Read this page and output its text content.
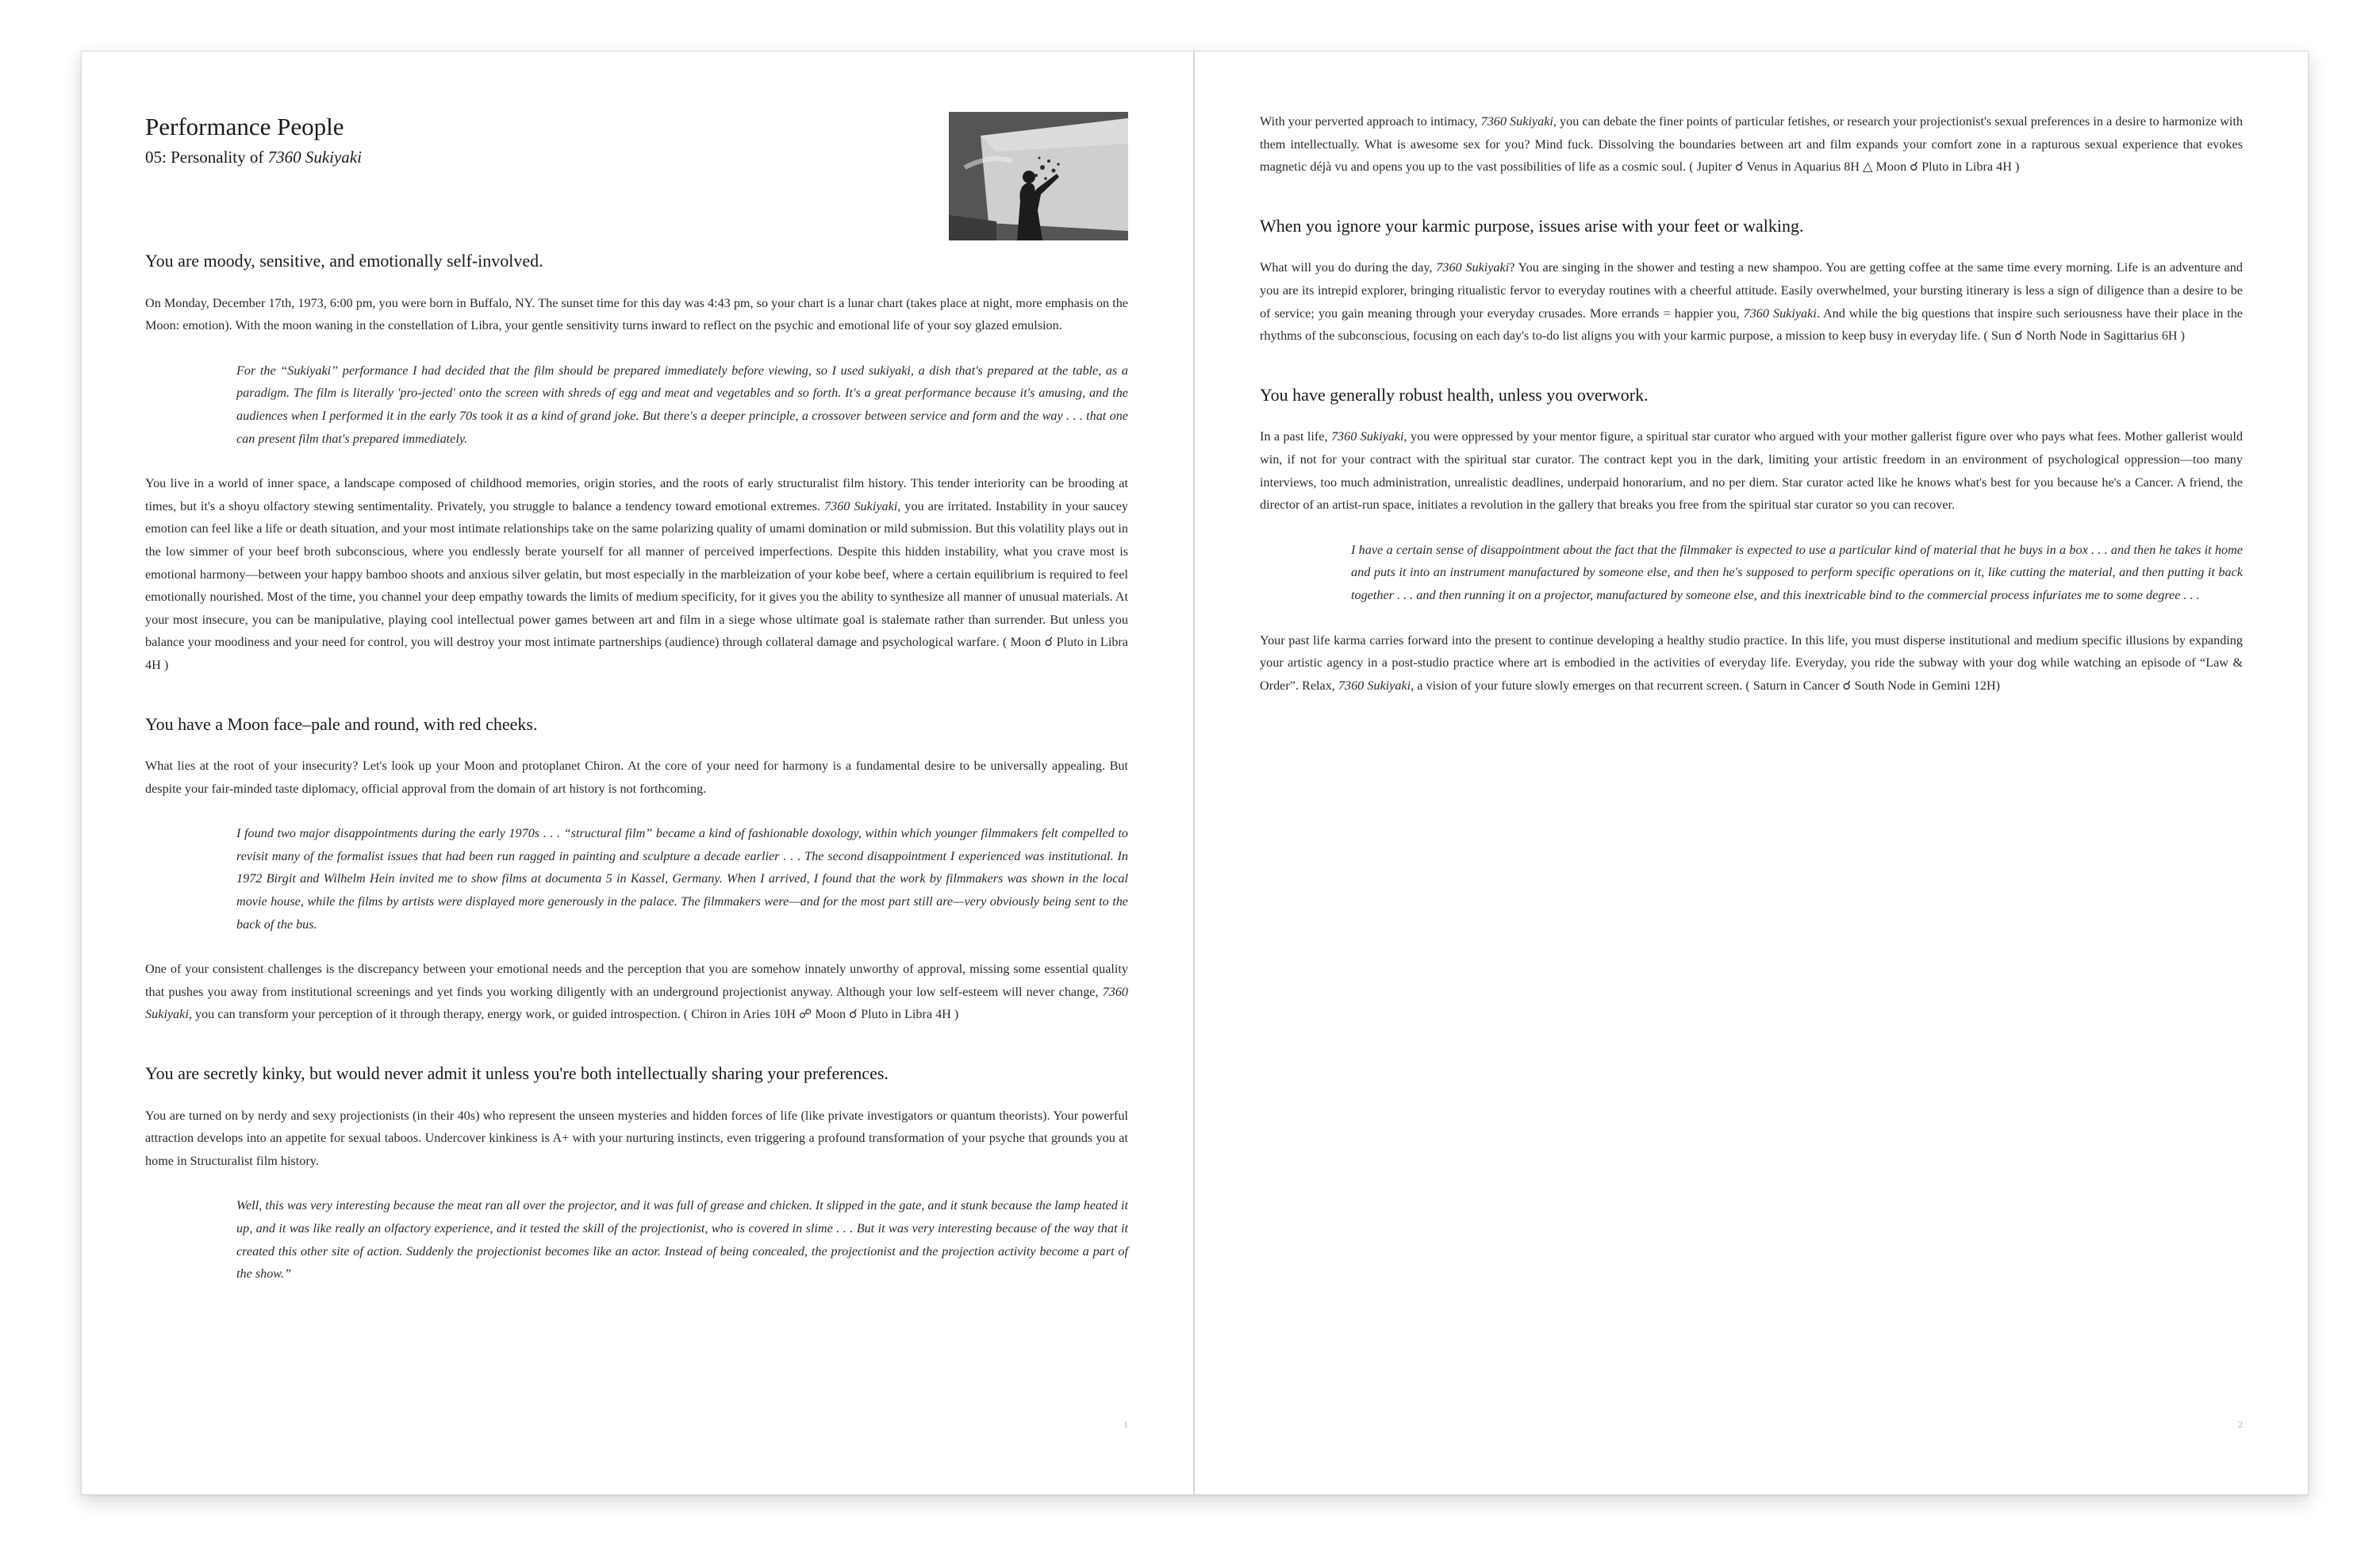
Performance People
05: Personality of 7360 Sukiyaki
You are moody, sensitive, and emotionally self-involved.

On Monday, December 17th, 1973, 6:00 pm, you were born in Buffalo, NY. The sunset time for this day was 4:43 pm, so your chart is a lunar chart (takes place at night, more emphasis on the Moon: emotion). With the moon waning in the constellation of Libra, your gentle sensitivity turns inward to reflect on the psychic and emotional life of your soy glazed emulsion.

For the “Sukiyaki” performance I had decided that the film should be prepared immediately before viewing, so I used sukiyaki, a dish that's prepared at the table, as a paradigm. The film is literally 'pro-jected' onto the screen with shreds of egg and meat and vegetables and so forth. It's a great performance because it's amusing, and the audiences when I performed it in the early 70s took it as a kind of grand joke. But there's a deeper principle, a crossover between service and form and the way . . . that one can present film that's prepared immediately.

You live in a world of inner space, a landscape composed of childhood memories, origin stories, and the roots of early structuralist film history. This tender interiority can be brooding at times, but it's a shoyu olfactory stewing sentimentality. Privately, you struggle to balance a tendency toward emotional extremes. 7360 Sukiyaki, you are irritated. Instability in your saucey emotion can feel like a life or death situation, and your most intimate relationships take on the same polarizing quality of umami domination or mild submission. But this volatility plays out in the low simmer of your beef broth subconscious, where you endlessly berate yourself for all manner of perceived imperfections. Despite this hidden instability, what you crave most is emotional harmony—between your happy bamboo shoots and anxious silver gelatin, but most especially in the marbleization of your kobe beef, where a certain equilibrium is required to feel emotionally nourished. Most of the time, you channel your deep empathy towards the limits of medium specificity, for it gives you the ability to synthesize all manner of unusual materials. At your most insecure, you can be manipulative, playing cool intellectual power games between art and film in a siege whose ultimate goal is stalemate rather than surrender. But unless you balance your moodiness and your need for control, you will destroy your most intimate partnerships (audience) through collateral damage and psychological warfare. ( Moon ☌ Pluto in Libra 4H )

You have a Moon face–pale and round, with red cheeks.

What lies at the root of your insecurity? Let's look up your Moon and protoplanet Chiron. At the core of your need for harmony is a fundamental desire to be universally appealing. But despite your fair-minded taste diplomacy, official approval from the domain of art history is not forthcoming.

I found two major disappointments during the early 1970s . . . “structural film” became a kind of fashionable doxology, within which younger filmmakers felt compelled to revisit many of the formalist issues that had been run ragged in painting and sculpture a decade earlier . . . The second disappointment I experienced was institutional. In 1972 Birgit and Wilhelm Hein invited me to show films at documenta 5 in Kassel, Germany. When I arrived, I found that the work by filmmakers was shown in the local movie house, while the films by artists were displayed more generously in the palace. The filmmakers were—and for the most part still are—very obviously being sent to the back of the bus.

One of your consistent challenges is the discrepancy between your emotional needs and the perception that you are somehow innately unworthy of approval, missing some essential quality that pushes you away from institutional screenings and yet finds you working diligently with an underground projectionist anyway. Although your low self-esteem will never change, 7360 Sukiyaki, you can transform your perception of it through therapy, energy work, or guided introspection. ( Chiron in Aries 10H ☍ Moon ☌ Pluto in Libra 4H )

You are secretly kinky, but would never admit it unless you're both intellectually sharing your preferences.

You are turned on by nerdy and sexy projectionists (in their 40s) who represent the unseen mysteries and hidden forces of life (like private investigators or quantum theorists). Your powerful attraction develops into an appetite for sexual taboos. Undercover kinkiness is A+ with your nurturing instincts, even triggering a profound transformation of your psyche that grounds you at home in Structuralist film history.

Well, this was very interesting because the meat ran all over the projector, and it was full of grease and chicken. It slipped in the gate, and it stunk because the lamp heated it up, and it was like really an olfactory experience, and it tested the skill of the projectionist, who is covered in slime . . . But it was very interesting because of the way that it created this other site of action. Suddenly the projectionist becomes like an actor. Instead of being concealed, the projectionist and the projection activity become a part of the show.”
1

With your perverted approach to intimacy, 7360 Sukiyaki, you can debate the finer points of particular fetishes, or research your projectionist's sexual preferences in a desire to harmonize with them intellectually. What is awesome sex for you? Mind fuck. Dissolving the boundaries between art and film expands your comfort zone in a rapturous sexual experience that evokes magnetic déjà vu and opens you up to the vast possibilities of life as a cosmic soul. ( Jupiter ☌ Venus in Aquarius 8H △ Moon ☌ Pluto in Libra 4H )

When you ignore your karmic purpose, issues arise with your feet or walking.

What will you do during the day, 7360 Sukiyaki? You are singing in the shower and testing a new shampoo. You are getting coffee at the same time every morning. Life is an adventure and you are its intrepid explorer, bringing ritualistic fervor to everyday routines with a cheerful attitude. Easily overwhelmed, your bursting itinerary is less a sign of diligence than a desire to be of service; you gain meaning through your everyday crusades. More errands = happier you, 7360 Sukiyaki. And while the big questions that inspire such seriousness have their place in the rhythms of the subconscious, focusing on each day's to-do list aligns you with your karmic purpose, a mission to keep busy in everyday life. ( Sun ☌ North Node in Sagittarius 6H )

You have generally robust health, unless you overwork.

In a past life, 7360 Sukiyaki, you were oppressed by your mentor figure, a spiritual star curator who argued with your mother gallerist figure over who pays what fees. Mother gallerist would win, if not for your contract with the spiritual star curator. The contract kept you in the dark, limiting your artistic freedom in an environment of psychological oppression—too many interviews, too much administration, unrealistic deadlines, underpaid honorarium, and no per diem. Star curator acted like he knows what's best for you because he's a Cancer. A friend, the director of an artist-run space, initiates a revolution in the gallery that breaks you free from the spiritual star curator so you can recover.

I have a certain sense of disappointment about the fact that the filmmaker is expected to use a particular kind of material that he buys in a box . . . and then he takes it home and puts it into an instrument manufactured by someone else, and then he's supposed to perform specific operations on it, like cutting the material, and then putting it back together . . . and then running it on a projector, manufactured by someone else, and this inextricable bind to the commercial process infuriates me to some degree . . .

Your past life karma carries forward into the present to continue developing a healthy studio practice. In this life, you must disperse institutional and medium specific illusions by expanding your artistic agency in a post-studio practice where art is embodied in the activities of everyday life. Everyday, you ride the subway with your dog while watching an episode of “Law & Order”. Relax, 7360 Sukiyaki, a vision of your future slowly emerges on that recurrent screen. ( Saturn in Cancer ☌ South Node in Gemini 12H)

2
